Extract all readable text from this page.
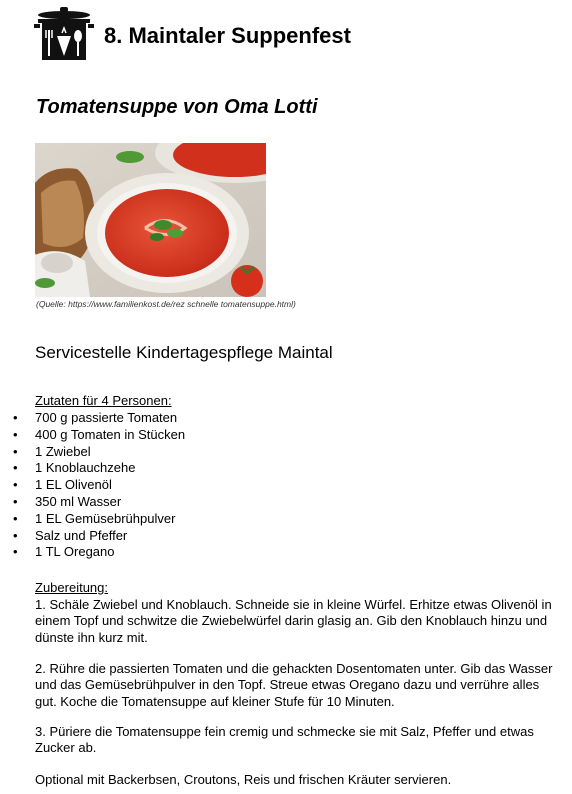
8. Maintaler Suppenfest
Tomatensuppe von Oma Lotti
(Quelle: https://www.familienkost.de/rez schnelle tomatensuppe.html)
Servicestelle Kindertagespflege Maintal
Zutaten für 4 Personen:
• 700 g passierte Tomaten
• 400 g Tomaten in Stücken
• 1 Zwiebel
• 1 Knoblauchzehe
• 1 EL Olivenöl
• 350 ml Wasser
• 1 EL Gemüsebrühpulver
• Salz und Pfeffer
• 1 TL Oregano
Zubereitung:
1. Schäle Zwiebel und Knoblauch. Schneide sie in kleine Würfel. Erhitze etwas Olivenöl in einem Topf und schwitze die Zwiebelwürfel darin glasig an. Gib den Knoblauch hinzu und dünste ihn kurz mit.
2. Rühre die passierten Tomaten und die gehackten Dosentomaten unter. Gib das Wasser und das Gemüsebrühpulver in den Topf. Streue etwas Oregano dazu und verrühre alles gut. Koche die Tomatensuppe auf kleiner Stufe für 10 Minuten.
3. Püriere die Tomatensuppe fein cremig und schmecke sie mit Salz, Pfeffer und etwas Zucker ab.
Optional mit Backerbsen, Croutons, Reis und frischen Kräuter servieren.
